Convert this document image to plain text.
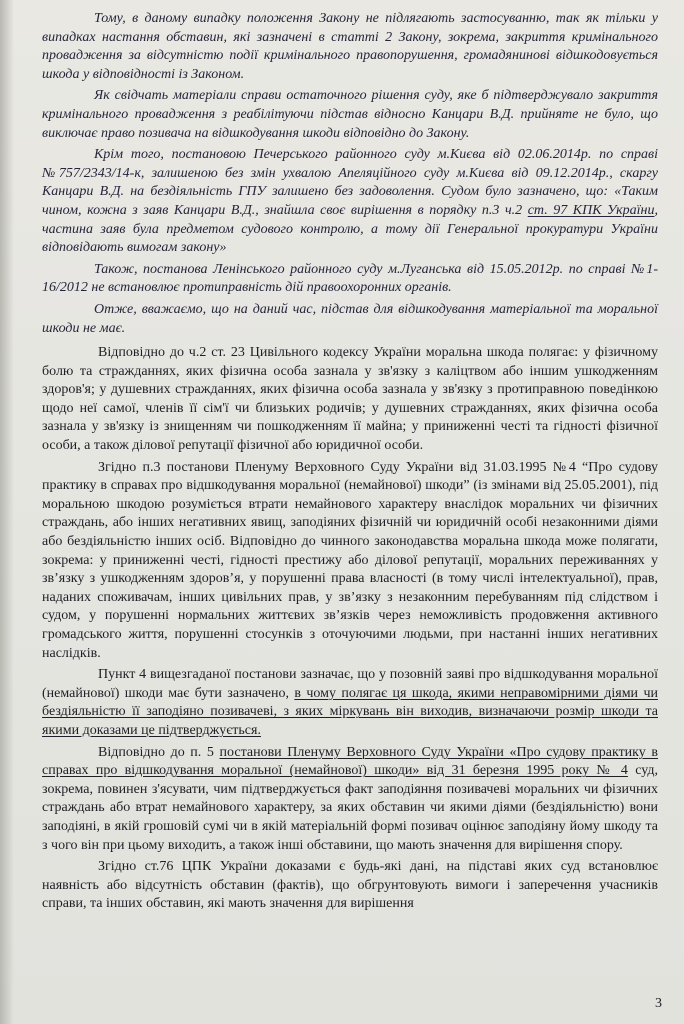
Тому, в даному випадку положення Закону не підлягають застосуванню, так як тільки у випадках настання обставин, які зазначені в статті 2 Закону, зокрема, закриття кримінального провадження за відсутністю події кримінального правопорушення, громадянинові відшкодовується шкода у відповідності із Законом.

Як свідчать матеріали справи остаточного рішення суду, яке б підтверджувало закриття кримінального провадження з реабілітуючи підстав відносно Канцари В.Д. прийняте не було, що виключає право позивача на відшкодування шкоди відповідно до Закону.

Крім того, постановою Печерського районного суду м.Києва від 02.06.2014р. по справі №757/2343/14-к, залишеною без змін ухвалою Апеляційного суду м.Києва від 09.12.2014р., скаргу Канцари В.Д. на бездіяльність ГПУ залишено без задоволення. Судом було зазначено, що: «Таким чином, кожна з заяв Канцари В.Д., знайшла своє вирішення в порядку п.3 ч.2 ст. 97 КПК України, частина заяв була предметом судового контролю, а тому дії Генеральної прокуратури України відповідають вимогам закону»

Також, постанова Ленінського районного суду м.Луганська від 15.05.2012р. по справі №1-16/2012 не встановлює протиправність дій правоохоронних органів.

Отже, вважаємо, що на даний час, підстав для відшкодування матеріальної та моральної шкоди не має.

Відповідно до ч.2 ст. 23 Цивільного кодексу України моральна шкода полягає: у фізичному болю та стражданнях, яких фізична особа зазнала у зв'язку з каліцтвом або іншим ушкодженням здоров'я; у душевних стражданнях, яких фізична особа зазнала у зв'язку з протиправною поведінкою щодо неї самої, членів її сім'ї чи близьких родичів; у душевних стражданнях, яких фізична особа зазнала у зв'язку із знищенням чи пошкодженням її майна; у приниженні честі та гідності фізичної особи, а також ділової репутації фізичної або юридичної особи.

Згідно п.3 постанови Пленуму Верховного Суду України від 31.03.1995 №4 “Про судову практику в справах про відшкодування моральної (немайнової) шкоди” (із змінами від 25.05.2001), під моральною шкодою розуміється втрати немайнового характеру внаслідок моральних чи фізичних страждань, або інших негативних явищ, заподіяних фізичній чи юридичній особі незаконними діями або бездіяльністю інших осіб. Відповідно до чинного законодавства моральна шкода може полягати, зокрема: у приниженні честі, гідності престижу або ділової репутації, моральних переживаннях у зв’язку з ушкодженням здоров’я, у порушенні права власності (в тому числі інтелектуальної), прав, наданих споживачам, інших цивільних прав, у зв’язку з незаконним перебуванням під слідством і судом, у порушенні нормальних життєвих зв’язків через неможливість продовження активного громадського життя, порушенні стосунків з оточуючими людьми, при настанні інших негативних наслідків.

Пункт 4 вищезгаданої постанови зазначає, що у позовній заяві про відшкодування моральної (немайнової) шкоди має бути зазначено, в чому полягає ця шкода, якими неправомірними діями чи бездіяльністю її заподіяно позивачеві, з яких міркувань він виходив, визначаючи розмір шкоди та якими доказами це підтверджується.

Відповідно до п. 5 постанови Пленуму Верховного Суду України «Про судову практику в справах про відшкодування моральної (немайнової) шкоди» від 31 березня 1995 року № 4 суд, зокрема, повинен з'ясувати, чим підтверджується факт заподіяння позивачеві моральних чи фізичних страждань або втрат немайнового характеру, за яких обставин чи якими діями (бездіяльністю) вони заподіяні, в якій грошовій сумі чи в якій матеріальній формі позивач оцінює заподіяну йому шкоду та з чого він при цьому виходить, а також інші обставини, що мають значення для вирішення спору.

Згідно ст.76 ЦПК України доказами є будь-які дані, на підставі яких суд встановлює наявність або відсутність обставин (фактів), що обгрунтовують вимоги і заперечення учасників справи, та інших обставин, які мають значення для вирішення

3
